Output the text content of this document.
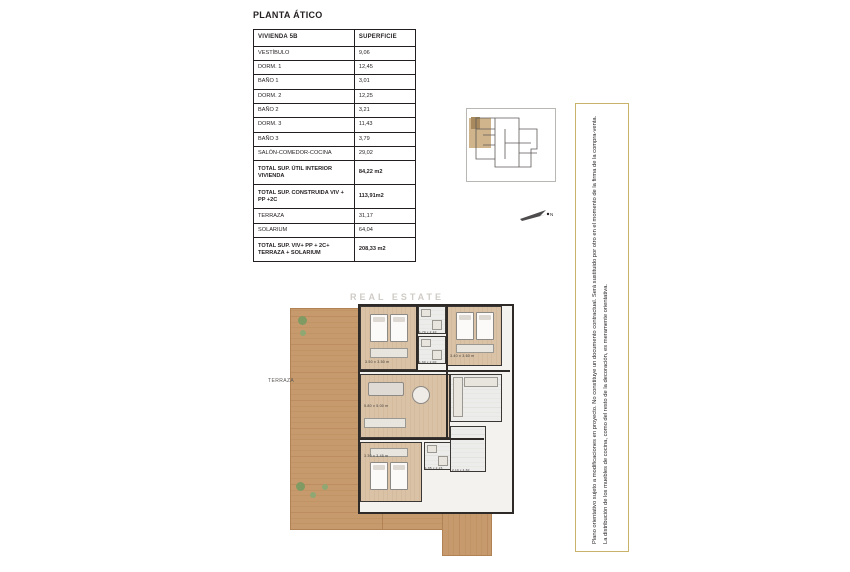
PLANTA ÁTICO
VIVIENDA 5B	SUPERFICIE
VESTÍBULO	9,06
DORM. 1	12,45
BAÑO 1	3,01
DORM. 2	12,25
BAÑO 2	3,21
DORM. 3	11,43
BAÑO 3	3,79
SALÓN-COMEDOR-COCINA	29,02
TOTAL SUP. ÚTIL INTERIOR VIVIENDA	84,22 m2
TOTAL SUP. CONSTRUIDA VIV + PP +2C	113,91m2
TERRAZA	31,17
SOLARIUM	64,04
TOTAL SUP. VIV+ PP + 2C+ TERRAZA + SOLARIUM	208,33 m2
N	Plano orientativo sujeto a modificaciones en proyecto. No constituye un documento contractual. Será sustituido por otro en el momento de la firma de la compra-venta. La distribución de los muebles de cocina, como del resto de la decoración, es meramente orientativa.
REAL ESTATE
TERRAZA
3.50 x 3.50 m
3.40 x 3.60 m
1.70 x 2.10
1.60 x 2.00
5.80 x 5.00 m
3.30 x 3.45 m
1.65 x 2.15	2.10 x 4.30
